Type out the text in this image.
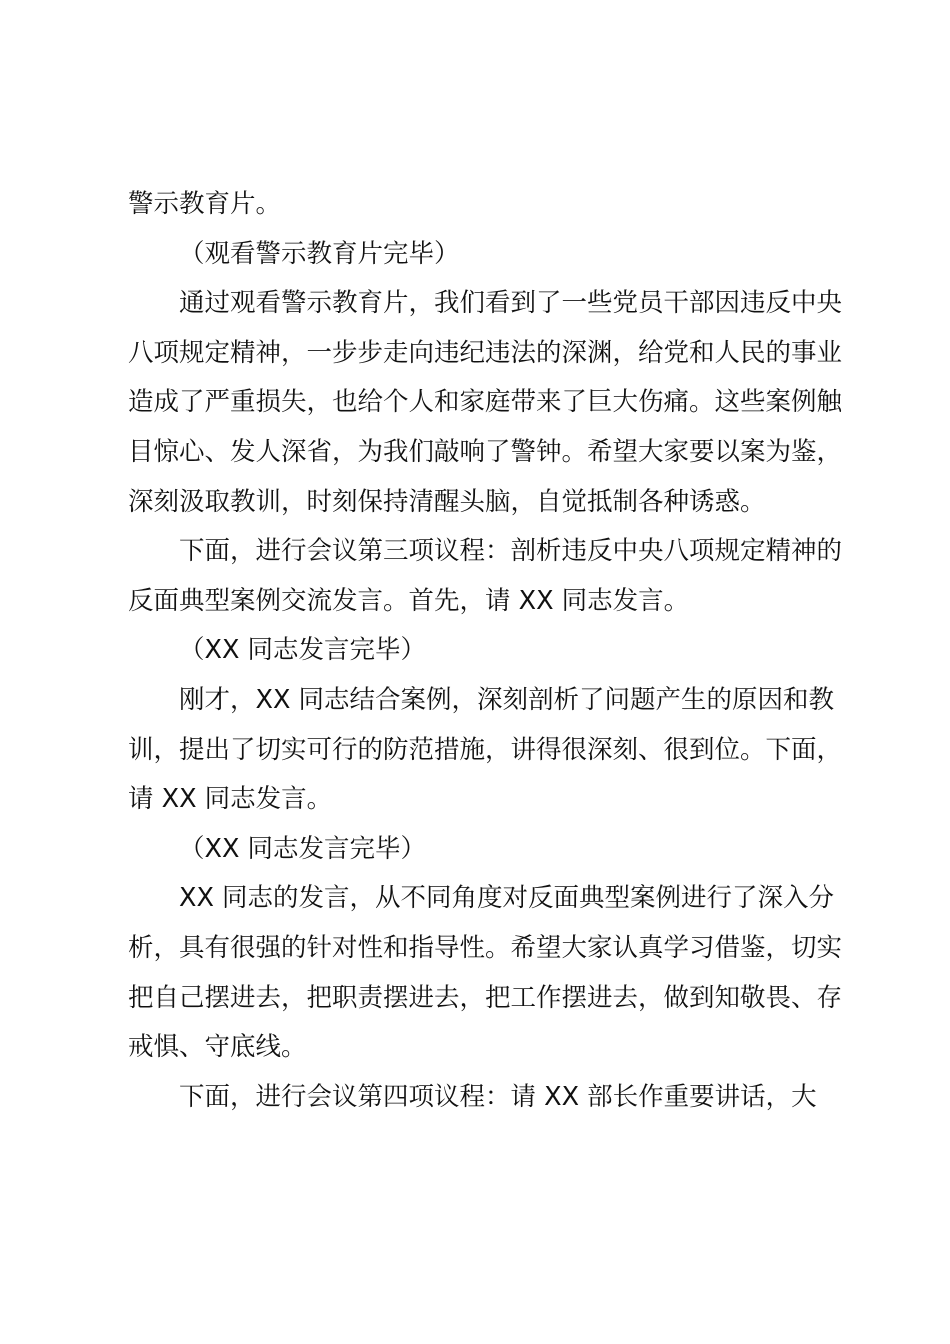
警示教育片。

（观看警示教育片完毕）

通过观看警示教育片，我们看到了一些党员干部因违反中央八项规定精神，一步步走向违纪违法的深渊，给党和人民的事业造成了严重损失，也给个人和家庭带来了巨大伤痛。这些案例触目惊心、发人深省，为我们敲响了警钟。希望大家要以案为鉴，深刻汲取教训，时刻保持清醒头脑，自觉抵制各种诱惑。

下面，进行会议第三项议程：剖析违反中央八项规定精神的反面典型案例交流发言。首先，请 XX 同志发言。

（XX 同志发言完毕）

刚才，XX 同志结合案例，深刻剖析了问题产生的原因和教训，提出了切实可行的防范措施，讲得很深刻、很到位。下面，请 XX 同志发言。

（XX 同志发言完毕）

XX 同志的发言，从不同角度对反面典型案例进行了深入分析，具有很强的针对性和指导性。希望大家认真学习借鉴，切实把自己摆进去，把职责摆进去，把工作摆进去，做到知敬畏、存戒惧、守底线。

下面，进行会议第四项议程：请 XX 部长作重要讲话，大
